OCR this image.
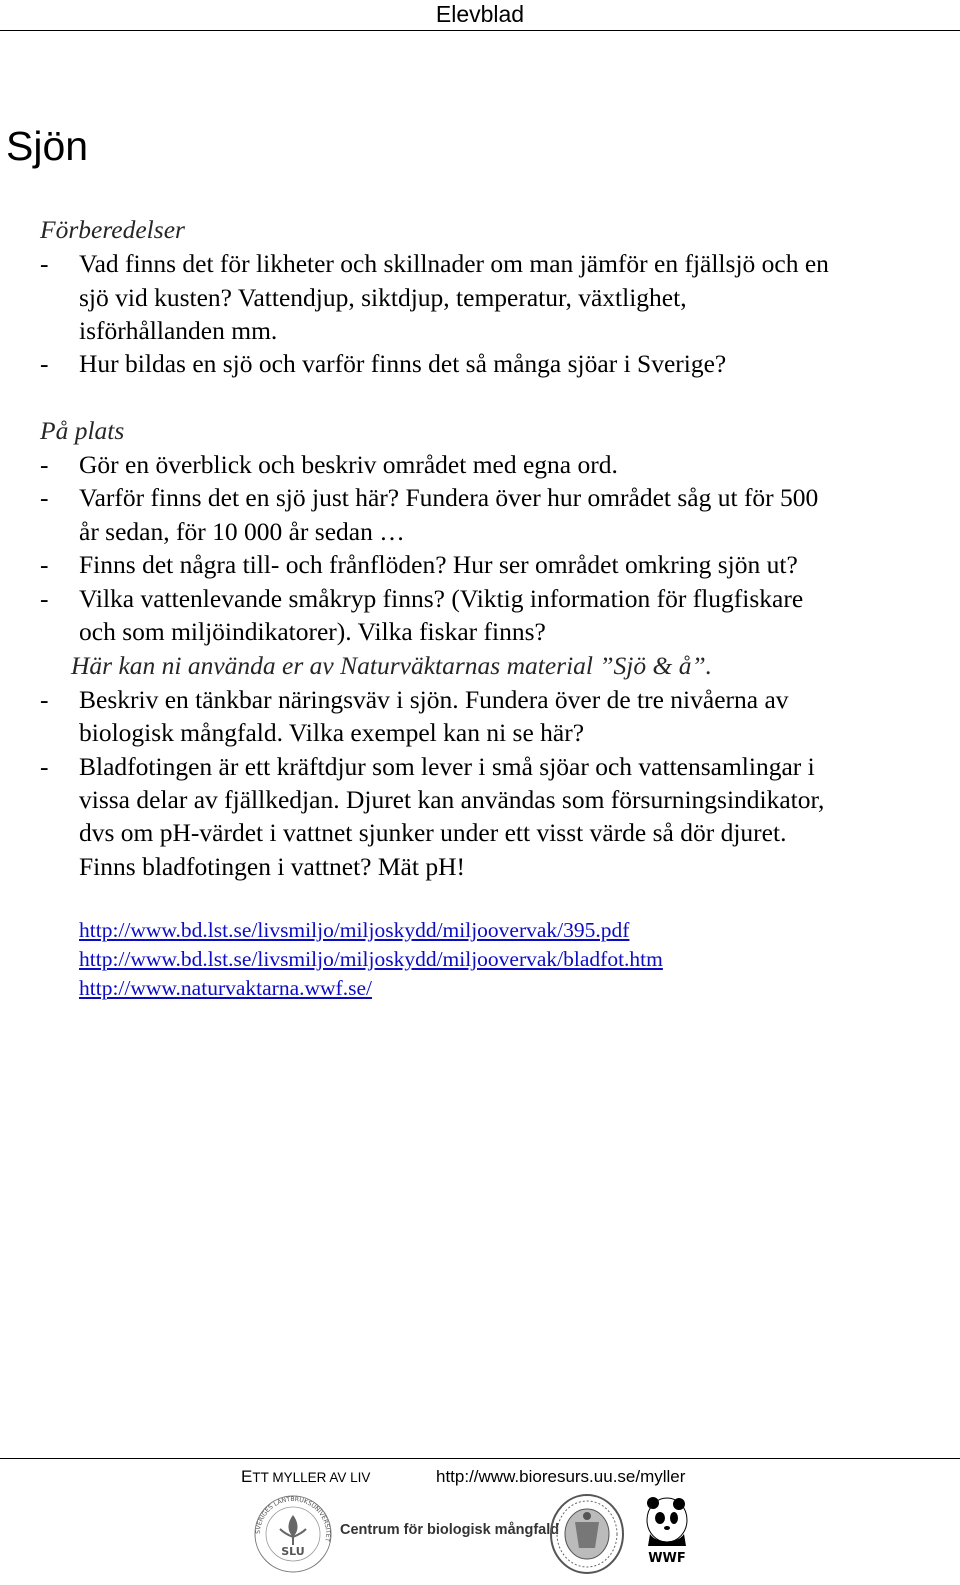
Elevblad
Sjön
Förberedelser
- Vad finns det för likheter och skillnader om man jämför en fjällsjö och en
sjö vid kusten? Vattendjup, siktdjup, temperatur, växtlighet,
isförhållanden mm.
- Hur bildas en sjö och varför finns det så många sjöar i Sverige?
På plats
- Gör en överblick och beskriv området med egna ord.
- Varför finns det en sjö just här? Fundera över hur området såg ut för 500
år sedan, för 10 000 år sedan …
- Finns det några till- och frånflöden? Hur ser området omkring sjön ut?
- Vilka vattenlevande småkryp finns? (Viktig information för flugfiskare
och som miljöindikatorer). Vilka fiskar finns?
Här kan ni använda er av Naturväktarnas material ”Sjö & å”.
- Beskriv en tänkbar näringsväv i sjön. Fundera över de tre nivåerna av
biologisk mångfald. Vilka exempel kan ni se här?
- Bladfotingen är ett kräftdjur som lever i små sjöar och vattensamlingar i
vissa delar av fjällkedjan. Djuret kan användas som försurningsindikator,
dvs om pH-värdet i vattnet sjunker under ett visst värde så dör djuret.
Finns bladfotingen i vattnet? Mät pH!
http://www.bd.lst.se/livsmiljo/miljoskydd/miljoovervak/395.pdf
http://www.bd.lst.se/livsmiljo/miljoskydd/miljoovervak/bladfot.htm
http://www.naturvaktarna.wwf.se/
ETT MYLLER AV LIV	http://www.bioresurs.uu.se/myller
SVERIGES LANTBRUKSUNIVERSITET
SLU
Centrum för biologisk mångfald
WWF
